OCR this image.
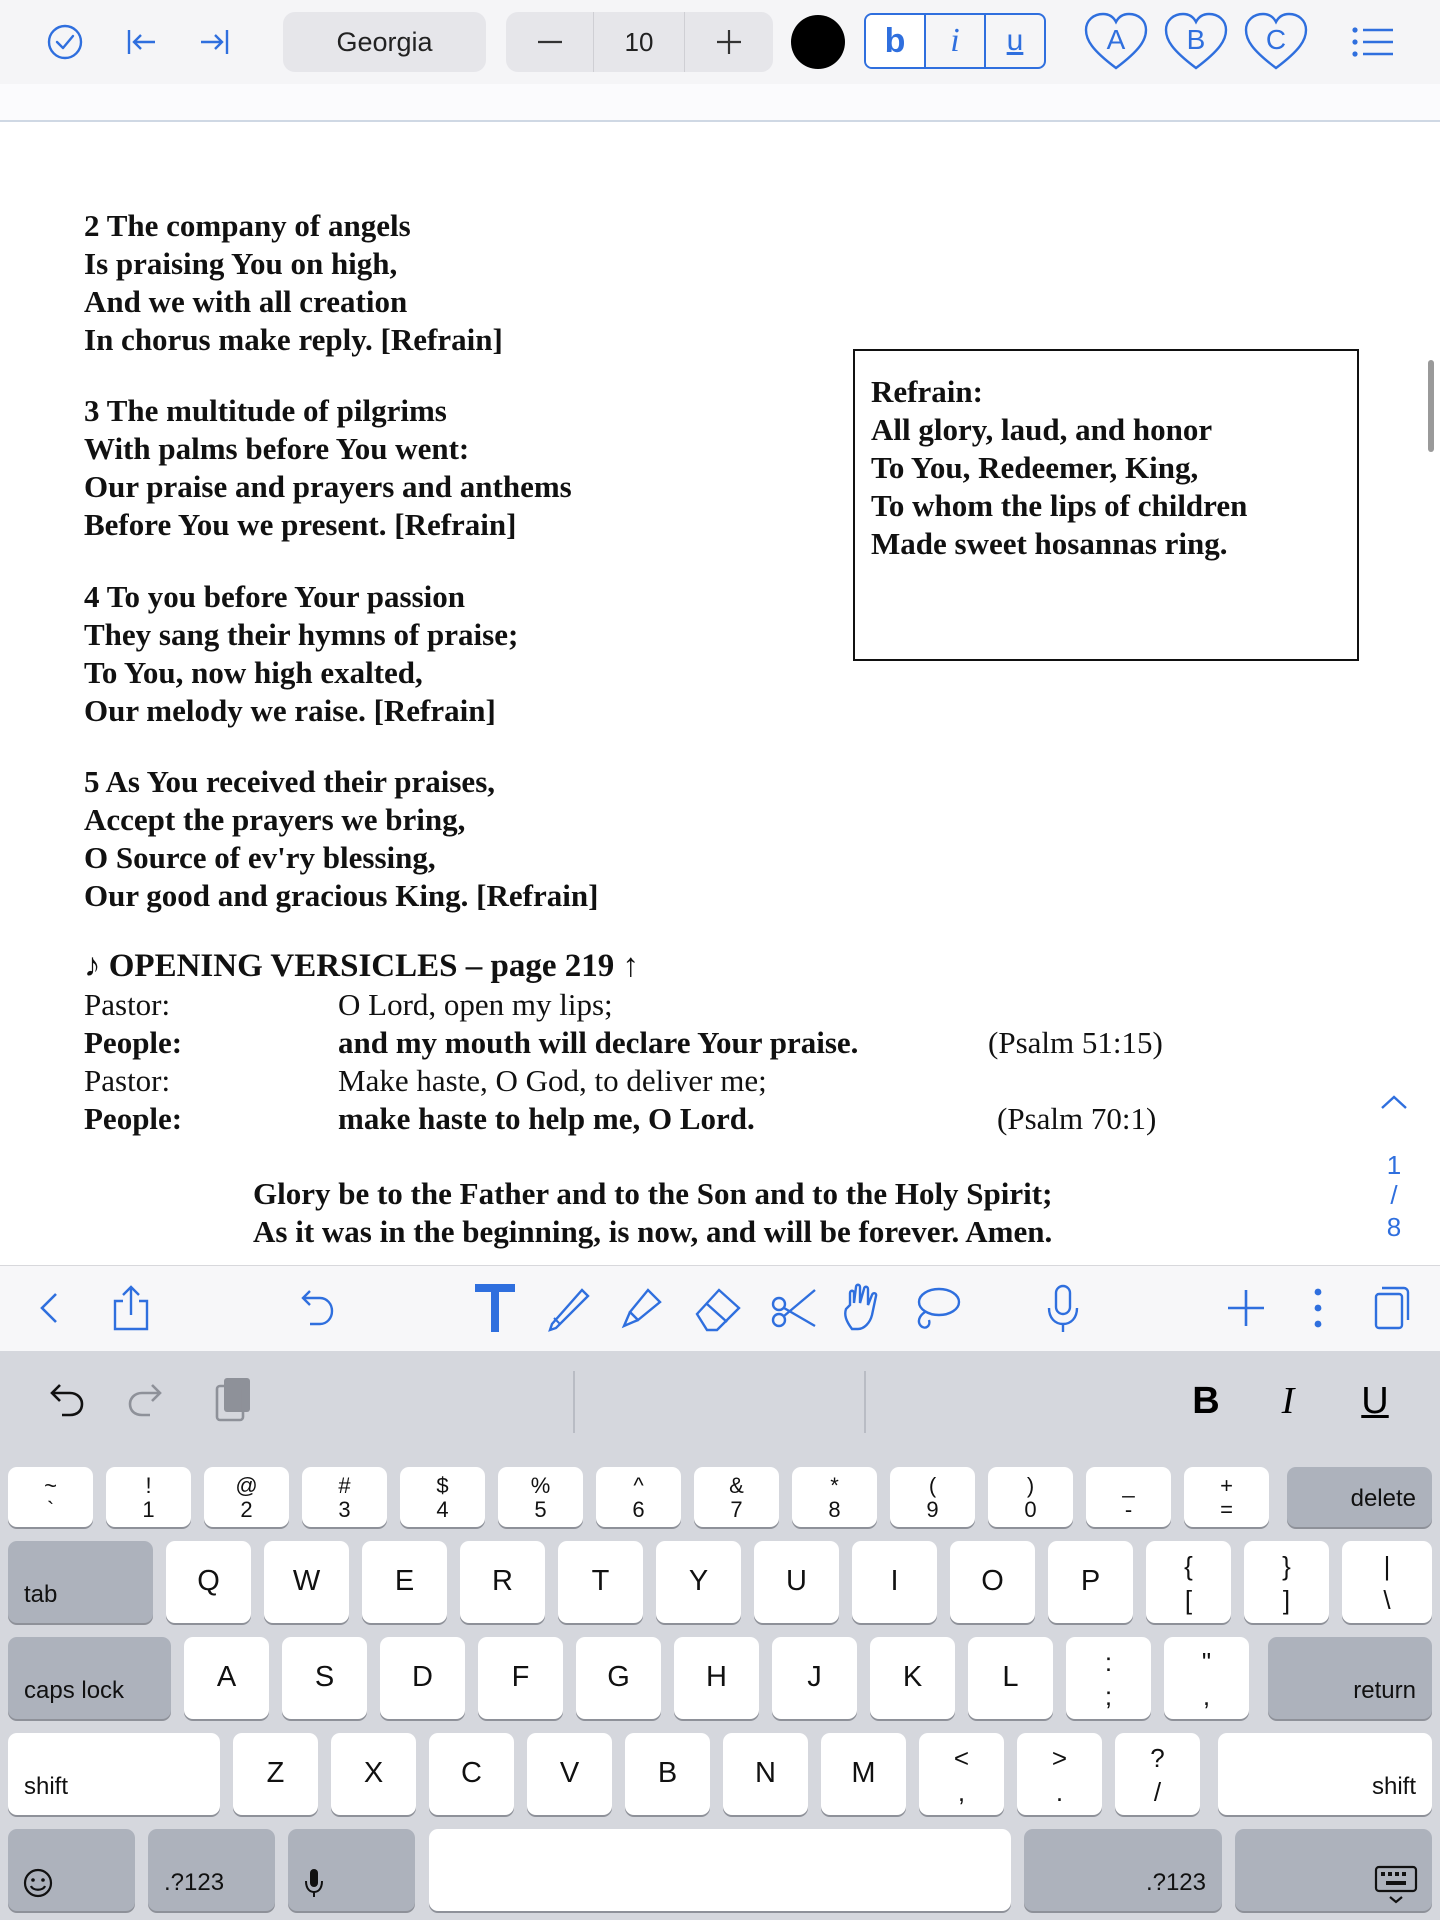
Georgia	10	b	i	u	A	B	C
2 The company of angels
Is praising You on high,
And we with all creation
In chorus make reply. [Refrain]
3 The multitude of pilgrims
With palms before You went:
Our praise and prayers and anthems
Before You we present. [Refrain]
4 To you before Your passion
They sang their hymns of praise;
To You, now high exalted,
Our melody we raise. [Refrain]
5 As You received their praises,
Accept the prayers we bring,
O Source of ev'ry blessing,
Our good and gracious King. [Refrain]
Refrain:
All glory, laud, and honor
To You, Redeemer, King,
To whom the lips of children
Made sweet hosannas ring.
♪ OPENING VERSICLES – page 219 ↑
Pastor:	O Lord, open my lips;
People:	and my mouth will declare Your praise.	(Psalm 51:15)
Pastor:	Make haste, O God, to deliver me;
People:	make haste to help me, O Lord.	(Psalm 70:1)
Glory be to the Father and to the Son and to the Holy Spirit;
As it was in the beginning, is now, and will be forever. Amen.
1
/
8
B	I	U
~
`
!
1
@
2
#
3
$
4
%
5
^
6
&
7
*
8
(
9
)
0
_
-
+
=	delete
tab	Q	W	E	R	T	Y	U	I	O	P	{
[
}
]
|
\
caps lock	A	S	D	F	G	H	J	K	L	:
;
"
,	return
shift	Z	X	C	V	B	N	M	<
,
>
.
?
/	shift
.?123	.?123
